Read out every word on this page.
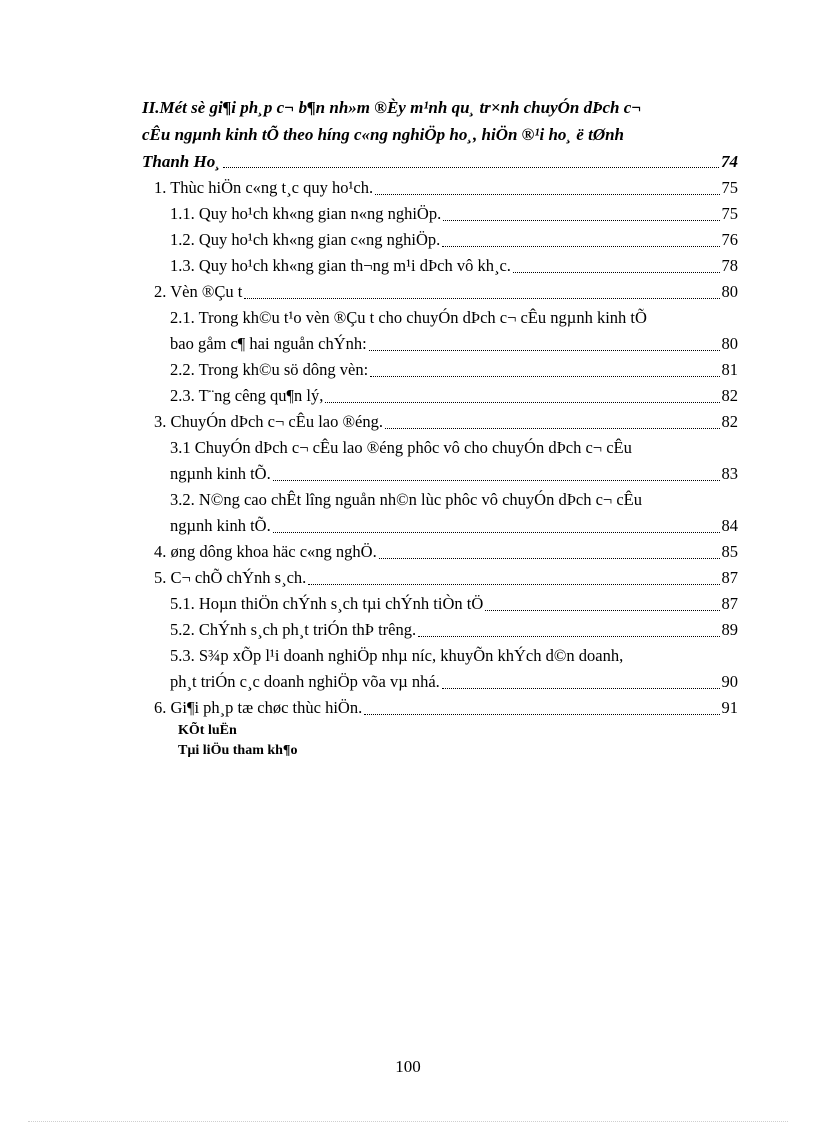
II.Mét sè gi¶i ph¸p c¬ b¶n nh»m ®Èy m¹nh qu¸ tr×nh chuyÓn dÞch c¬
cÊu ngµnh kinh tÕ theo híng c«ng nghiÖp ho¸, hiÖn ®¹i ho¸ ë tØnh
Thanh Ho¸	74
1. Thùc hiÖn c«ng t¸c quy ho¹ch.	75
1.1. Quy ho¹ch kh«ng gian n«ng nghiÖp.	75
1.2. Quy ho¹ch kh«ng gian c«ng nghiÖp.	76
1.3. Quy ho¹ch kh«ng gian th¬ng m¹i dÞch vô kh¸c.	78
2. Vèn ®Çu t	80
2.1. Trong kh©u t¹o vèn ®Çu t cho chuyÓn dÞch c¬ cÊu ngµnh kinh tÕ
bao gåm c¶ hai nguån chÝnh:	80
2.2. Trong kh©u sö dông vèn:	81
2.3. T¨ng cêng qu¶n lý,	82
3. ChuyÓn dÞch c¬ cÊu lao ®éng.	82
3.1 ChuyÓn dÞch c¬ cÊu lao ®éng phôc vô cho chuyÓn dÞch c¬ cÊu
ngµnh kinh tÕ.	83
3.2. N©ng cao chÊt lîng nguån nh©n lùc phôc vô chuyÓn dÞch c¬ cÊu
ngµnh kinh tÕ.	84
4. øng dông khoa häc c«ng nghÖ.	85
5. C¬ chÕ chÝnh s¸ch.	87
5.1. Hoµn thiÖn chÝnh s¸ch tµi chÝnh tiÒn tÖ	87
5.2. ChÝnh s¸ch ph¸t triÓn thÞ trêng.	89
5.3. S¾p xÕp l¹i doanh nghiÖp nhµ níc, khuyÕn khÝch d©n doanh,
ph¸t triÓn c¸c doanh nghiÖp võa vµ nhá.	90
6. Gi¶i ph¸p tæ chøc thùc hiÖn.	91
KÕt luËn
Tµi liÖu tham kh¶o
100
